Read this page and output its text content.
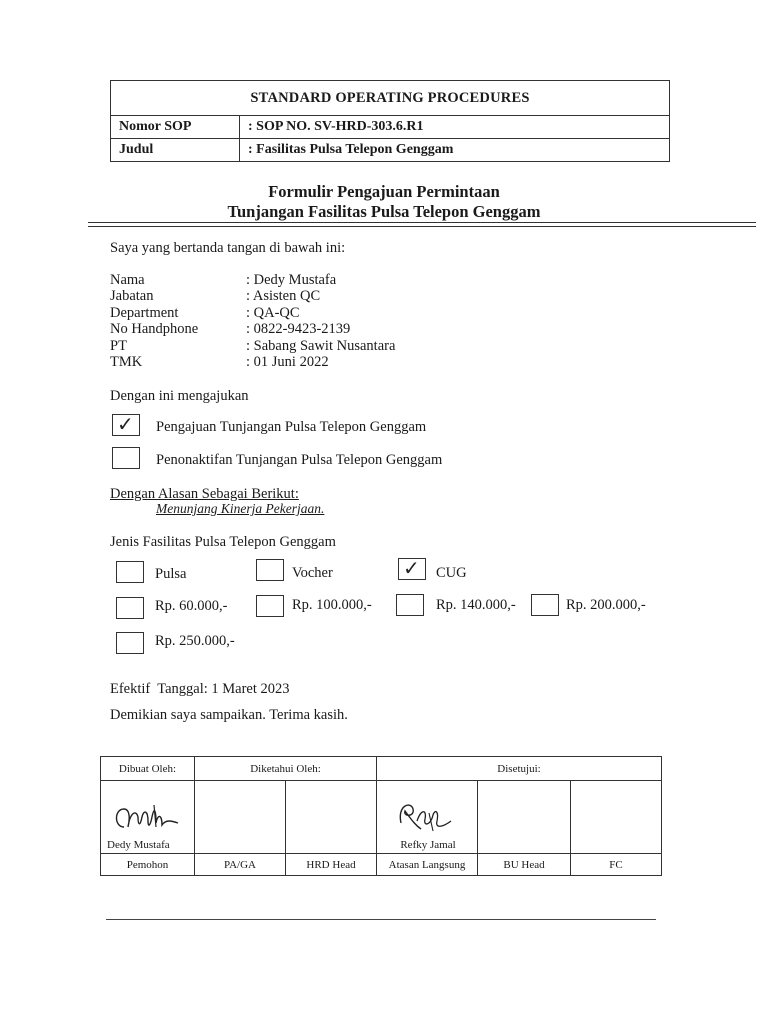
STANDARD OPERATING PROCEDURES	
Nomor SOP	: SOP NO. SV-HRD-303.6.R1
Judul	: Fasilitas Pulsa Telepon Genggam
Formulir Pengajuan Permintaan
Tunjangan Fasilitas Pulsa Telepon Genggam
Saya yang bertanda tangan di bawah ini:
Nama	: Dedy Mustafa
Jabatan	: Asisten QC
Department	: QA-QC
No Handphone	: 0822-9423-2139
PT	: Sabang Sawit Nusantara
TMK	: 01 Juni 2022
Dengan ini mengajukan
✓ Pengajuan Tunjangan Pulsa Telepon Genggam
Penonaktifan Tunjangan Pulsa Telepon Genggam
Dengan Alasan Sebagai Berikut:
Menunjang Kinerja Pekerjaan.
Jenis Fasilitas Pulsa Telepon Genggam
Pulsa	Vocher	✓ CUG
Rp. 60.000,-	Rp. 100.000,-	Rp. 140.000,-	Rp. 200.000,-
Rp. 250.000,-
Efektif  Tanggal: 1 Maret 2023
Demikian saya sampaikan. Terima kasih.
Dibuat Oleh:	Diketahui Oleh:		Disetujui:		

Dedy Mustafa			Refky Jamal		

Pemohon	PA/GA	HRD Head	Atasan Langsung	BU Head	FC
